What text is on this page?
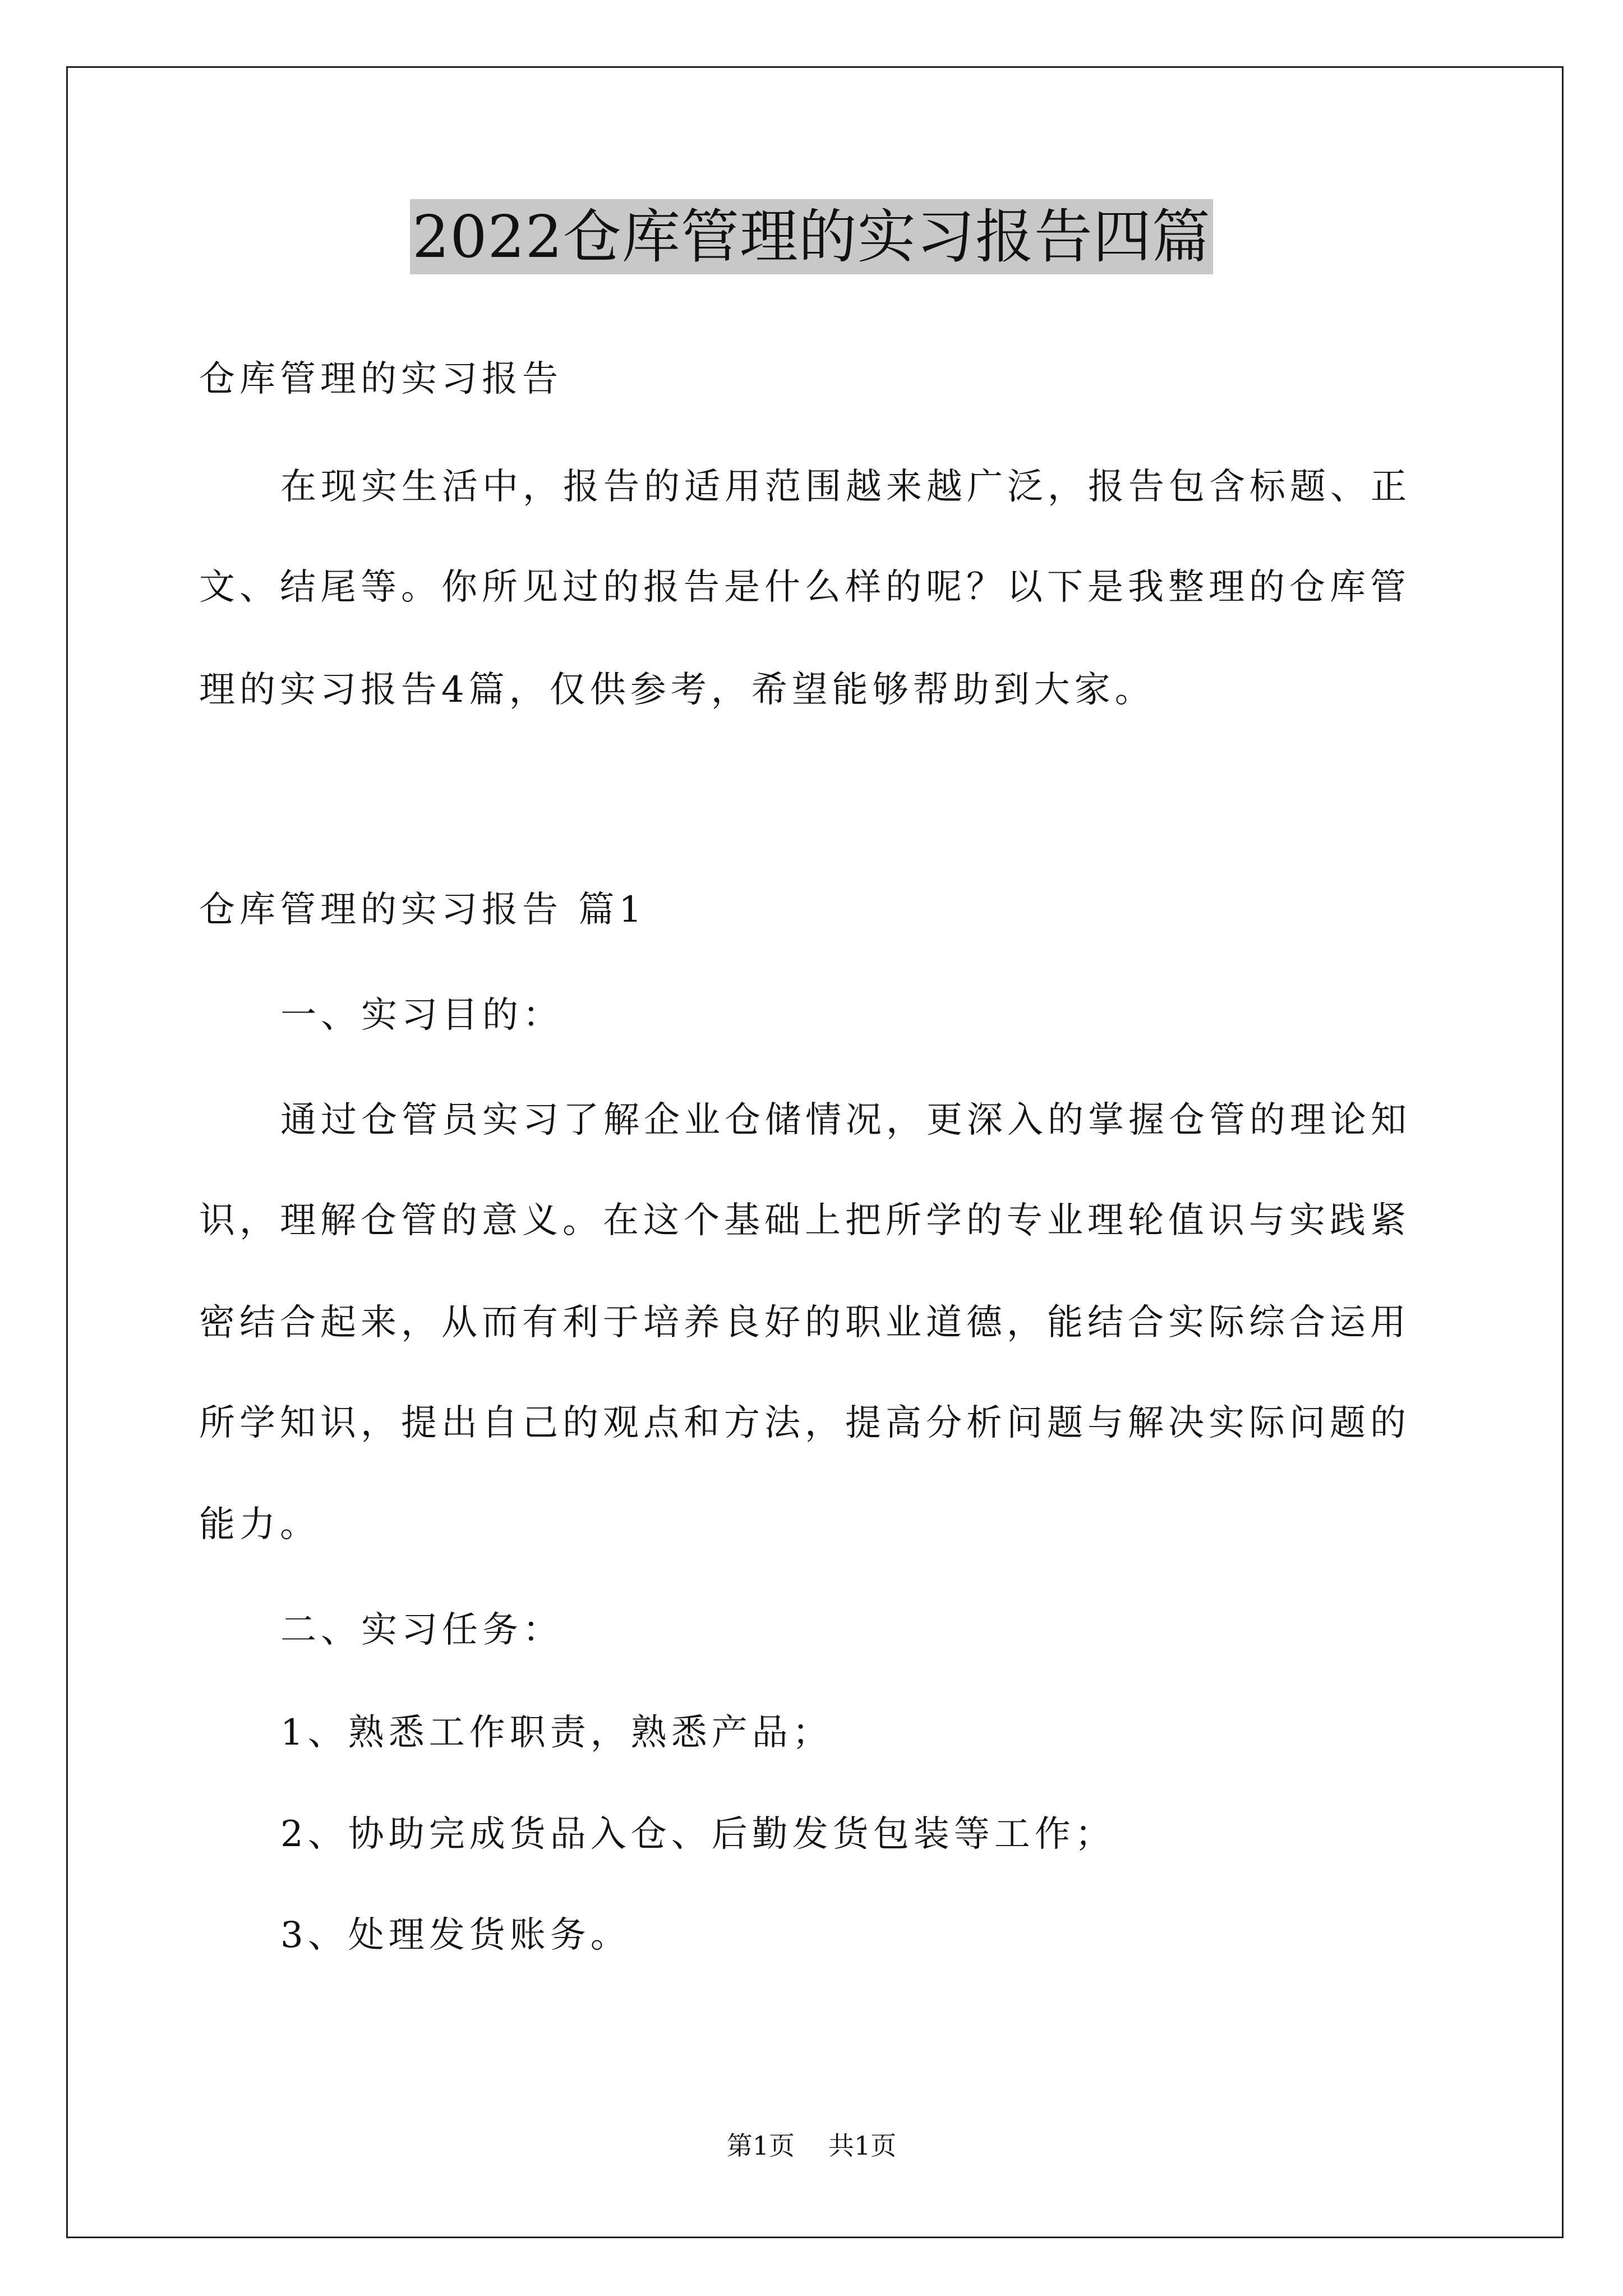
2022仓库管理的实习报告四篇
仓库管理的实习报告
在现实生活中，报告的适用范围越来越广泛，报告包含标题、正
文、结尾等。你所见过的报告是什么样的呢？以下是我整理的仓库管
理的实习报告4篇，仅供参考，希望能够帮助到大家。
仓库管理的实习报告 篇1
一、实习目的：
通过仓管员实习了解企业仓储情况，更深入的掌握仓管的理论知
识，理解仓管的意义。在这个基础上把所学的专业理轮值识与实践紧
密结合起来，从而有利于培养良好的职业道德，能结合实际综合运用
所学知识，提出自己的观点和方法，提高分析问题与解决实际问题的
能力。
二、实习任务：
1、熟悉工作职责，熟悉产品；
2、协助完成货品入仓、后勤发货包装等工作；
3、处理发货账务。
第1页 共1页
